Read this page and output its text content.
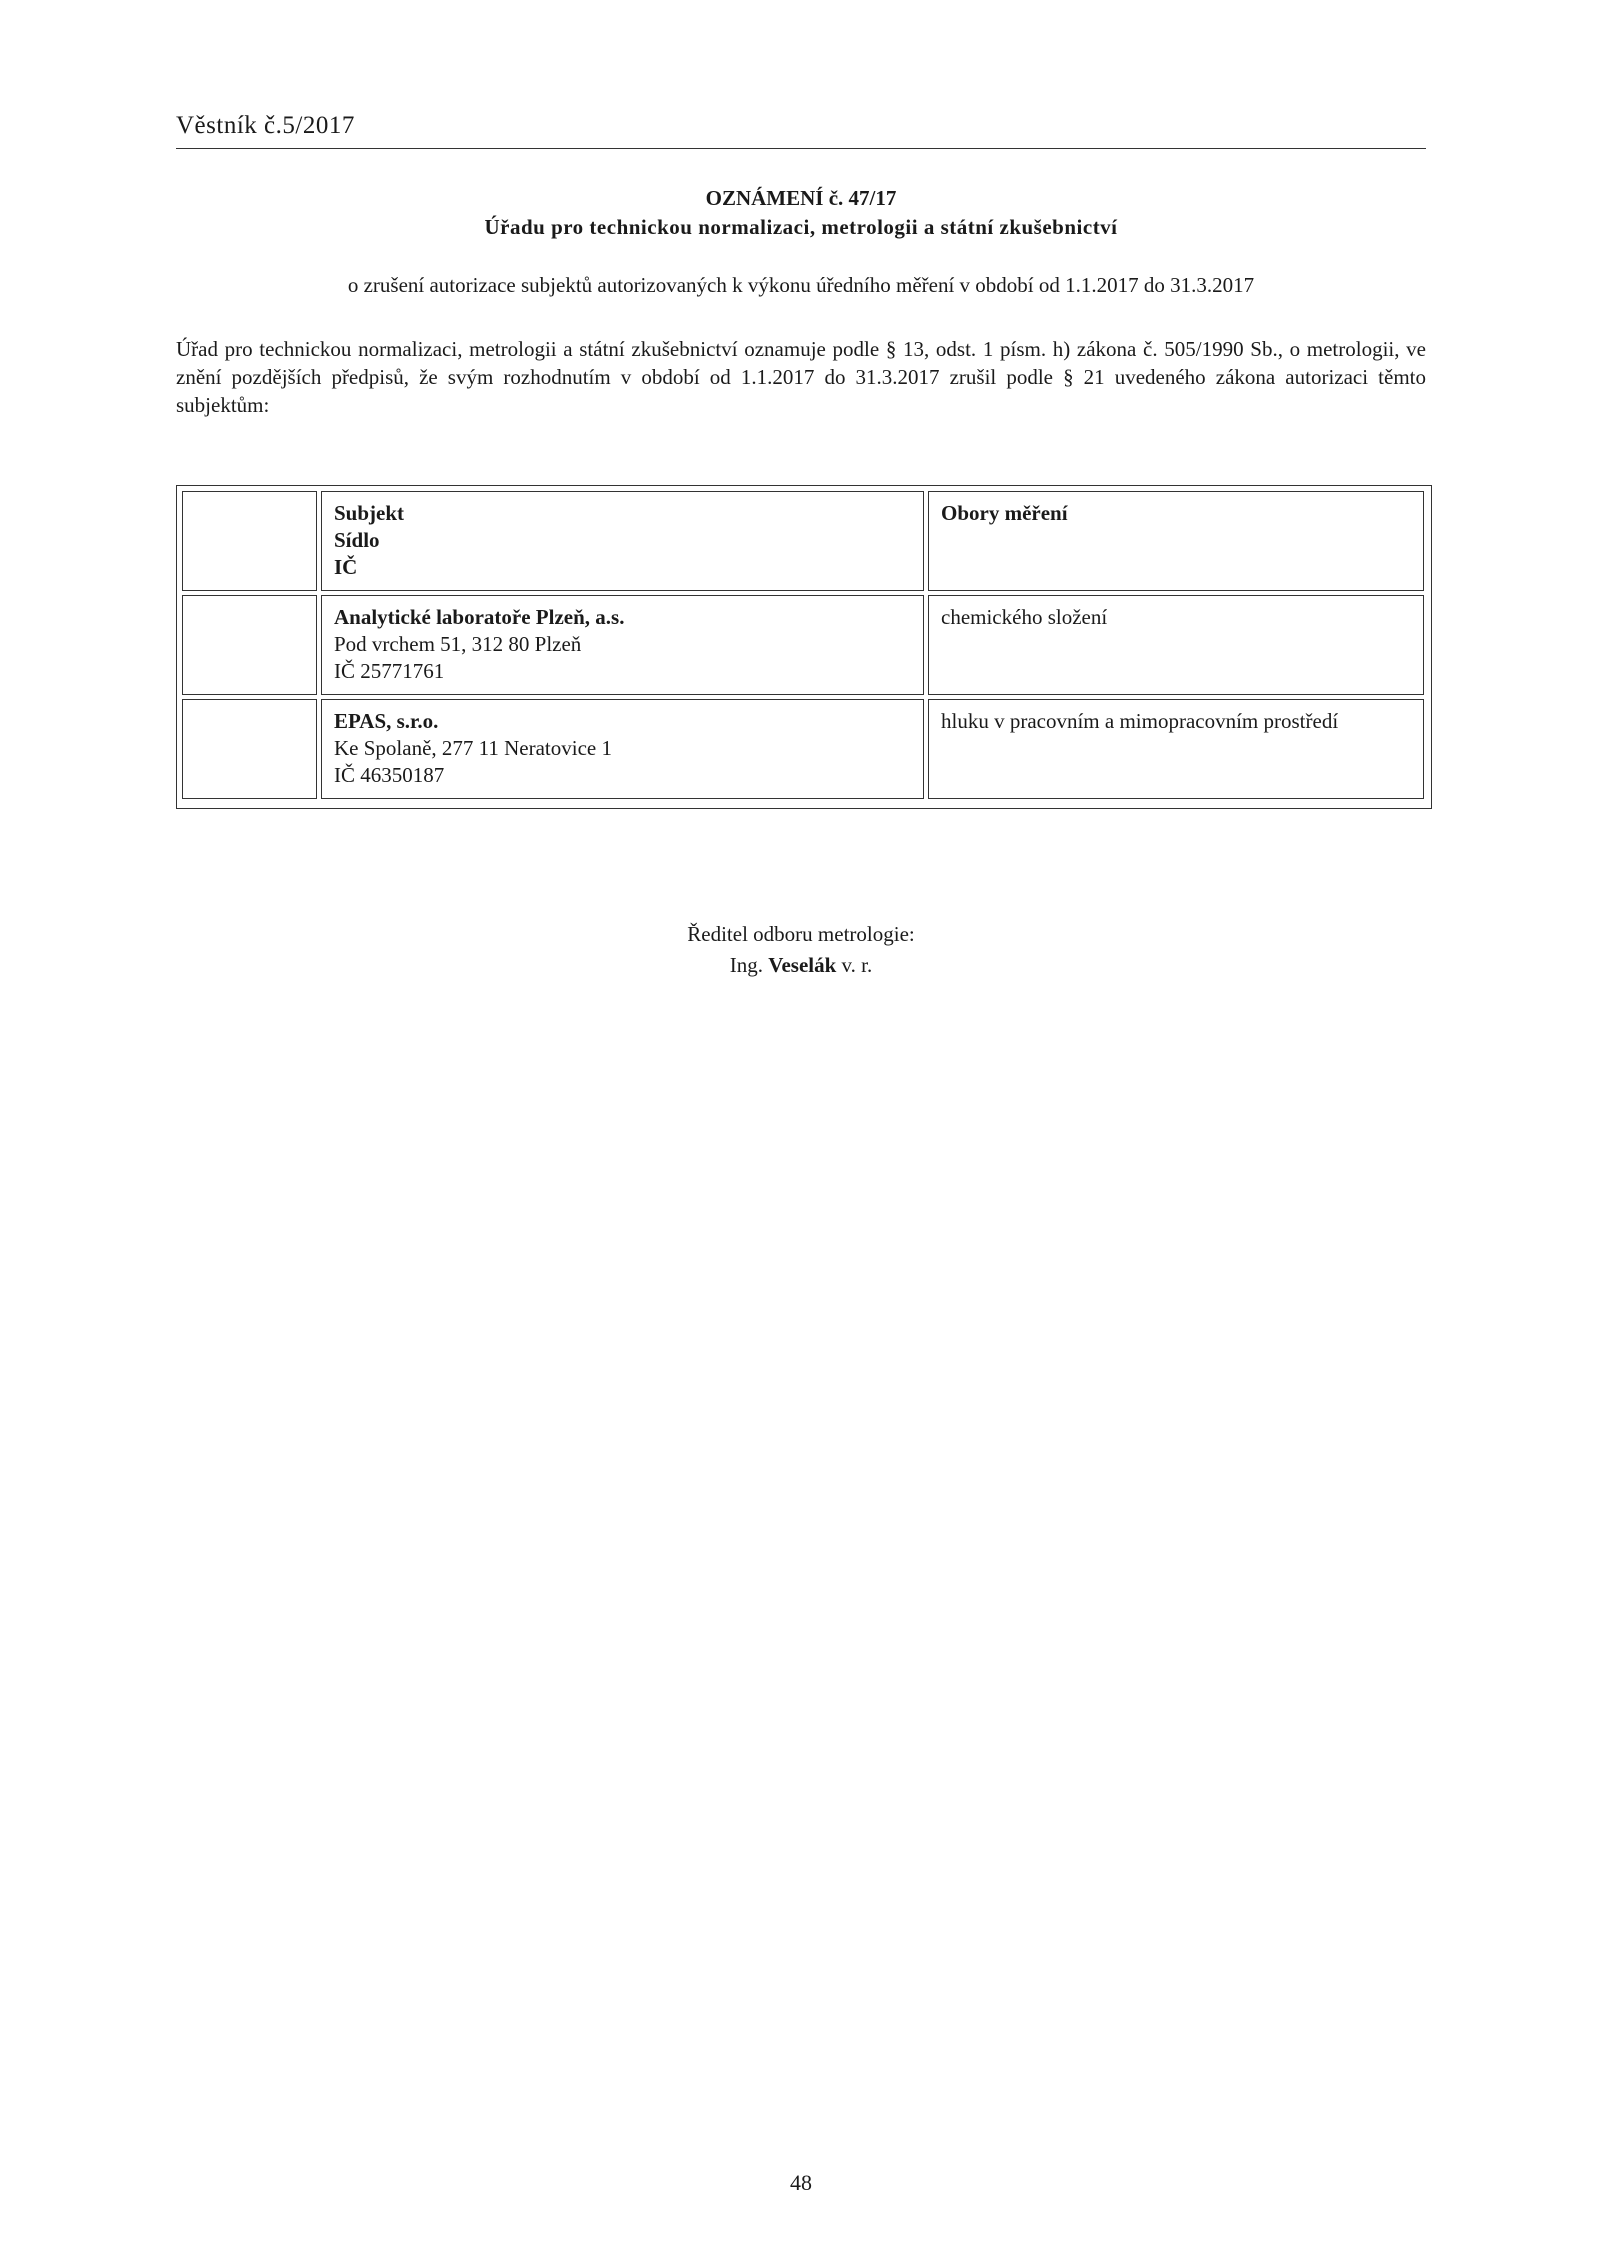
Věstník č.5/2017
OZNÁMENÍ č. 47/17
Úřadu pro technickou normalizaci, metrologii a státní zkušebnictví
o zrušení autorizace subjektů autorizovaných k výkonu úředního měření v období od 1.1.2017 do 31.3.2017
Úřad pro technickou normalizaci, metrologii a státní zkušebnictví oznamuje podle § 13, odst. 1 písm. h) zákona č. 505/1990 Sb., o metrologii, ve znění pozdějších předpisů, že svým rozhodnutím v období od 1.1.2017 do 31.3.2017 zrušil podle § 21 uvedeného zákona autorizaci těmto subjektům:
Subjekt
Sídlo
IČ
Obory měření
Analytické laboratoře Plzeň, a.s.
Pod vrchem 51, 312 80 Plzeň
IČ 25771761
chemického složení
EPAS, s.r.o.
Ke Spolaně, 277 11 Neratovice 1
IČ 46350187
hluku v pracovním a mimopracovním prostředí
Ředitel odboru metrologie:
Ing. Veselák v. r.
48
